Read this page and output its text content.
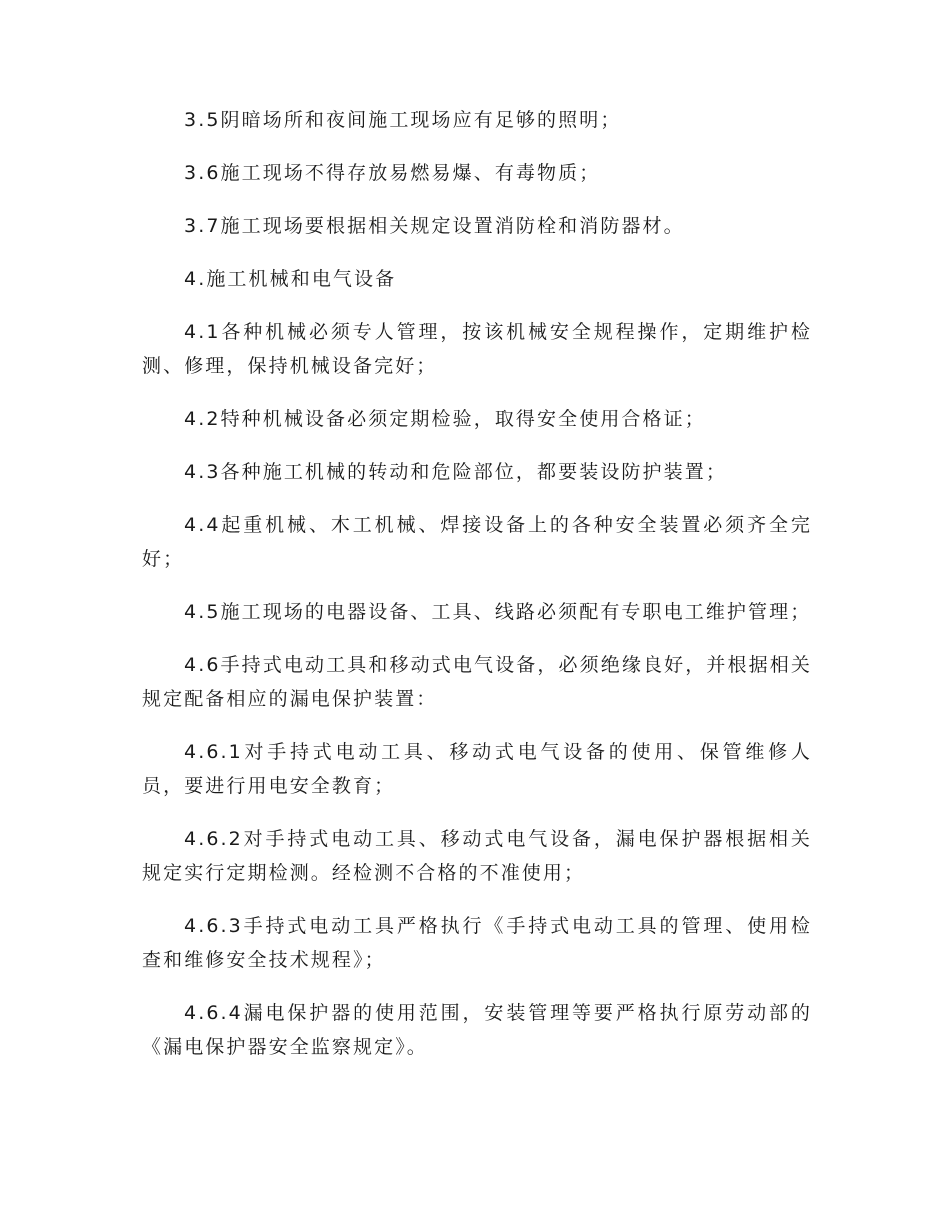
3.5阴暗场所和夜间施工现场应有足够的照明；

3.6施工现场不得存放易燃易爆、有毒物质；

3.7施工现场要根据相关规定设置消防栓和消防器材。

4.施工机械和电气设备

4.1各种机械必须专人管理，按该机械安全规程操作，定期维护检测、修理，保持机械设备完好；

4.2特种机械设备必须定期检验，取得安全使用合格证；

4.3各种施工机械的转动和危险部位，都要装设防护装置；

4.4起重机械、木工机械、焊接设备上的各种安全装置必须齐全完好；

4.5施工现场的电器设备、工具、线路必须配有专职电工维护管理；

4.6手持式电动工具和移动式电气设备，必须绝缘良好，并根据相关规定配备相应的漏电保护装置：

4.6.1对手持式电动工具、移动式电气设备的使用、保管维修人员，要进行用电安全教育；

4.6.2对手持式电动工具、移动式电气设备，漏电保护器根据相关规定实行定期检测。经检测不合格的不准使用；

4.6.3手持式电动工具严格执行《手持式电动工具的管理、使用检查和维修安全技术规程》；

4.6.4漏电保护器的使用范围，安装管理等要严格执行原劳动部的《漏电保护器安全监察规定》。
